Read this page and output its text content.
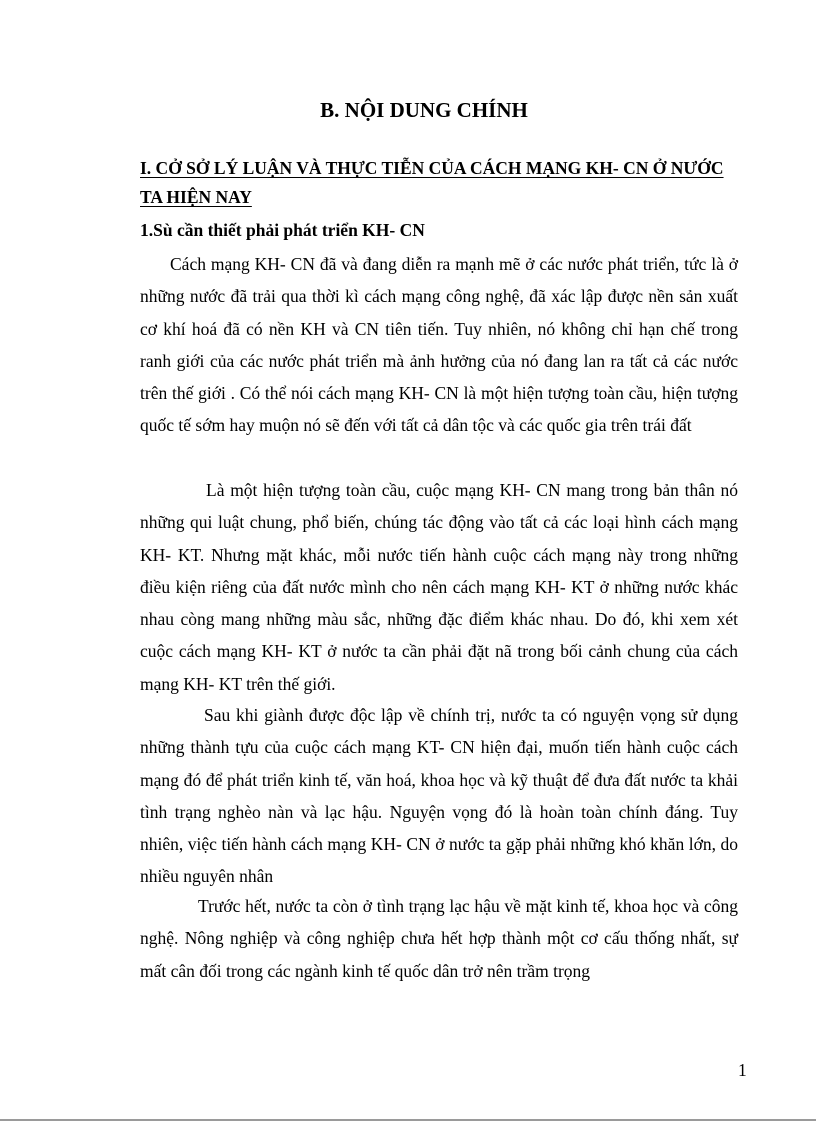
B. NỘI DUNG CHÍNH
I. CỞ SỞ LÝ LUẬN VÀ THỰC TIỄN CỦA CÁCH MẠNG KH- CN Ở NƯỚC TA HIỆN NAY
1.Sù cần thiết phải phát triển KH- CN

Cách mạng KH- CN đã và đang diễn ra mạnh mẽ ở các nước phát triển, tức là ở những nước đã trải qua thời kì cách mạng công nghệ, đã xác lập được nền sản xuất cơ khí hoá đã có nền KH và CN tiên tiến. Tuy nhiên, nó không chỉ hạn chế trong ranh giới của các nước phát triển mà ảnh hưởng của nó đang lan ra tất cả các nước trên thế giới . Có thể nói cách mạng KH- CN là một hiện tượng toàn cầu, hiện tượng quốc tế sớm hay muộn nó sẽ đến với tất cả dân tộc và các quốc gia trên trái đất

Là một hiện tượng toàn cầu, cuộc mạng KH- CN mang trong bản thân nó những qui luật chung, phổ biến, chúng tác động vào tất cả các loại hình cách mạng KH- KT. Nhưng mặt khác, mỗi nước tiến hành cuộc cách mạng này trong những điều kiện riêng của đất nước mình cho nên cách mạng KH- KT ở những nước khác nhau còng mang những màu sắc, những đặc điểm khác nhau. Do đó, khi xem xét cuộc cách mạng KH- KT ở nước ta cần phải đặt nã trong bối cảnh chung của cách mạng KH- KT trên thế giới.

Sau khi giành được độc lập về chính trị, nước ta có nguyện vọng sử dụng những thành tựu của cuộc cách mạng KT- CN hiện đại, muốn tiến hành cuộc cách mạng đó để phát triển kinh tế, văn hoá, khoa học và kỹ thuật để đưa đất nước ta khải tình trạng nghèo nàn và lạc hậu. Nguyện vọng đó là hoàn toàn chính đáng. Tuy nhiên, việc tiến hành cách mạng KH- CN ở nước ta gặp phải những khó khăn lớn, do nhiều nguyên nhân

Trước hết, nước ta còn ở tình trạng lạc hậu về mặt kinh tế, khoa học và công nghệ. Nông nghiệp và công nghiệp chưa hết hợp thành một cơ cấu thống nhất, sự mất cân đối trong các ngành kinh tế quốc dân trở nên trầm trọng

1
